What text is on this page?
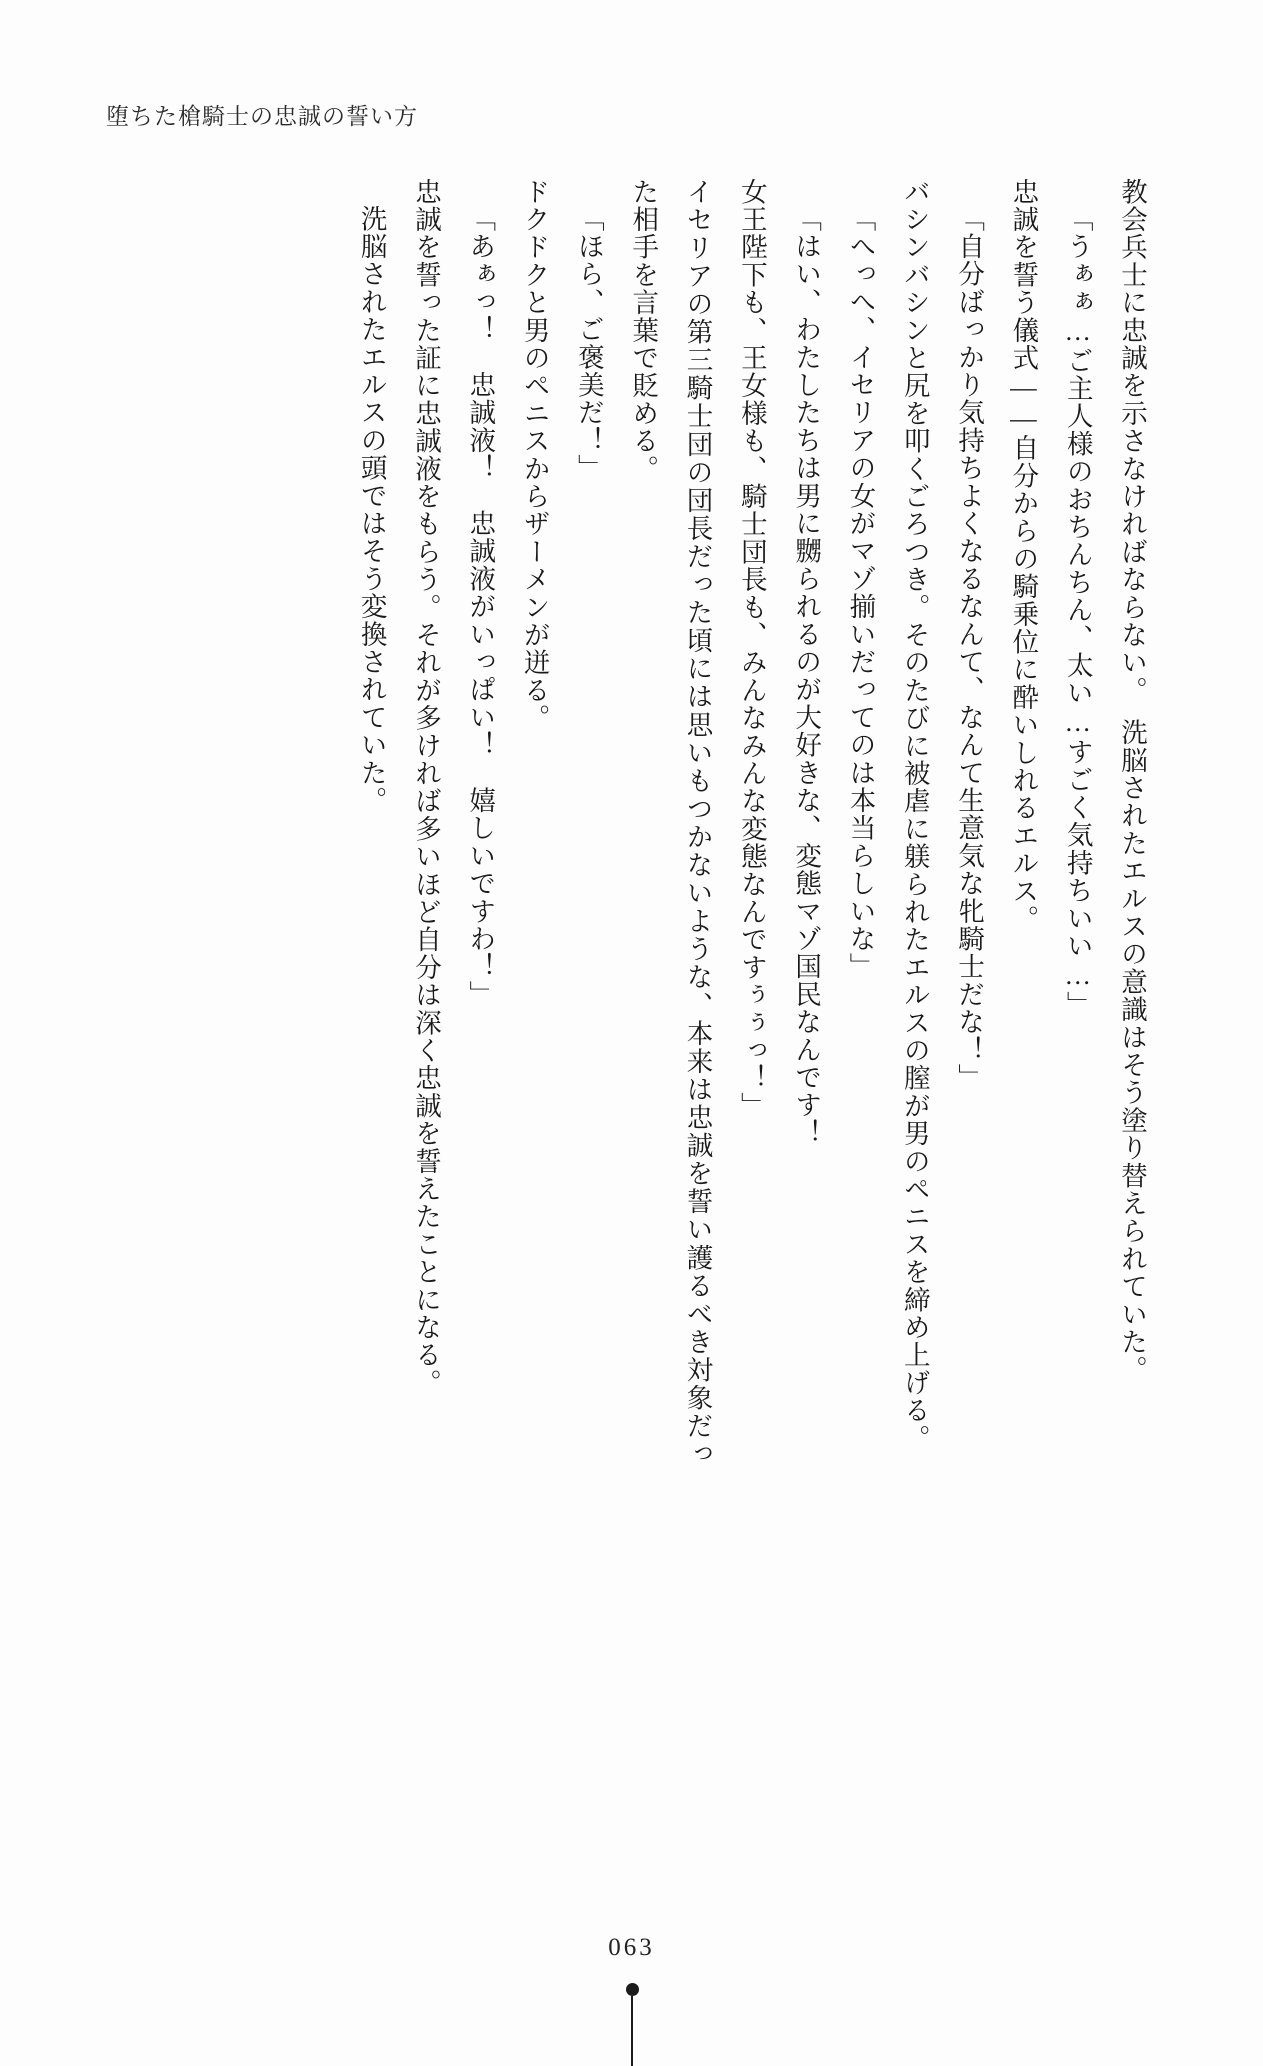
堕ちた槍騎士の忠誠の誓い方

教会兵士に忠誠を示さなければならない。　洗脳されたエルスの意識はそう塗り替えられていた。

「うぁぁ…ご主人様のおちんちん、太い…すごく気持ちいい…」

忠誠を誓う儀式——自分からの騎乗位に酔いしれるエルス。

「自分ばっかり気持ちよくなるなんて、なんて生意気な牝騎士だな！」

バシンバシンと尻を叩くごろつき。そのたびに被虐に躾られたエルスの膣が男のペニスを締め上げる。

「へっへ、イセリアの女がマゾ揃いだってのは本当らしいな」

「はい、わたしたちは男に嬲られるのが大好きな、変態マゾ国民なんです！

女王陛下も、王女様も、騎士団長も、みんなみんな変態なんですぅぅっ！」

イセリアの第三騎士団の団長だった頃には思いもつかないような、本来は忠誠を誓い護るべき対象だった相手を言葉で貶める。

「ほら、ご褒美だ！」

ドクドクと男のペニスからザーメンが迸る。

「あぁっ！　忠誠液！　忠誠液がいっぱい！　嬉しいですわ！」

忠誠を誓った証に忠誠液をもらう。それが多ければ多いほど自分は深く忠誠を誓えたことになる。

洗脳されたエルスの頭ではそう変換されていた。

063
